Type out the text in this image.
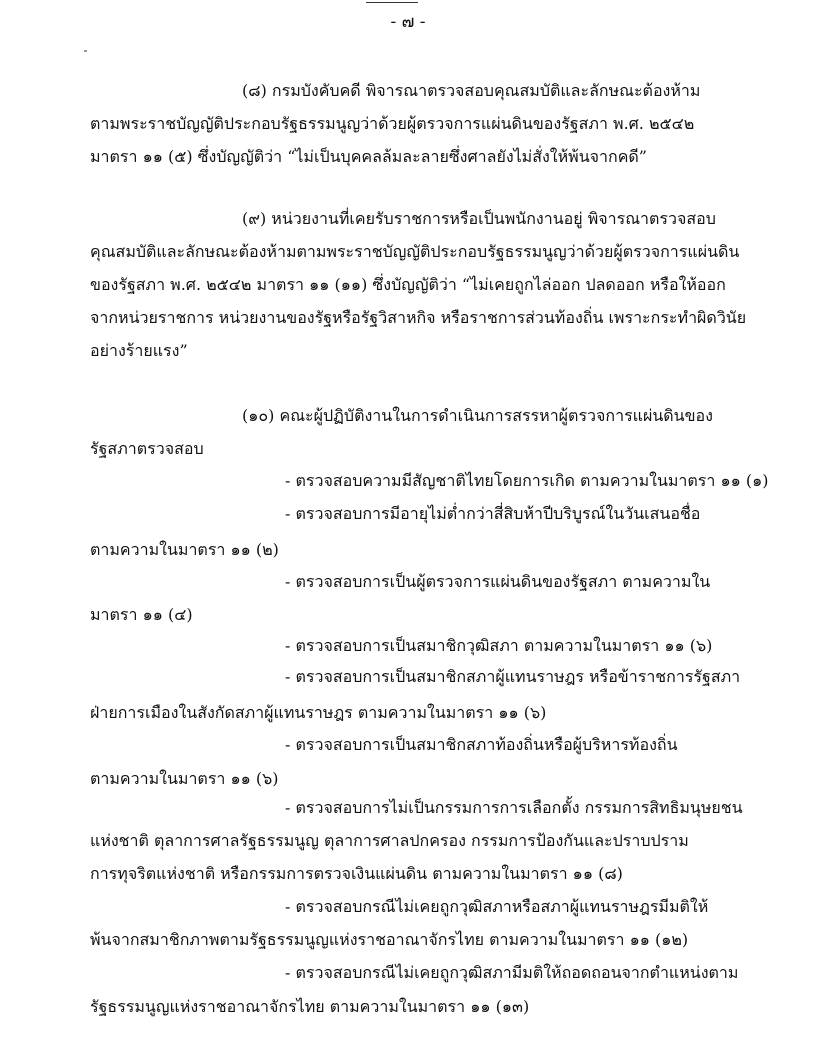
- ๗ -

(๘) กรมบังคับคดี พิจารณาตรวจสอบคุณสมบัติและลักษณะต้องห้าม

ตามพระราชบัญญัติประกอบรัฐธรรมนูญว่าด้วยผู้ตรวจการแผ่นดินของรัฐสภา พ.ศ. ๒๕๔๒

มาตรา ๑๑ (๕) ซึ่งบัญญัติว่า “ไม่เป็นบุคคลล้มละลายซึ่งศาลยังไม่สั่งให้พ้นจากคดี”

(๙) หน่วยงานที่เคยรับราชการหรือเป็นพนักงานอยู่ พิจารณาตรวจสอบ

คุณสมบัติและลักษณะต้องห้ามตามพระราชบัญญัติประกอบรัฐธรรมนูญว่าด้วยผู้ตรวจการแผ่นดิน

ของรัฐสภา พ.ศ. ๒๕๔๒ มาตรา ๑๑ (๑๑) ซึ่งบัญญัติว่า “ไม่เคยถูกไล่ออก ปลดออก หรือให้ออก

จากหน่วยราชการ หน่วยงานของรัฐหรือรัฐวิสาหกิจ หรือราชการส่วนท้องถิ่น เพราะกระทำผิดวินัย

อย่างร้ายแรง”

(๑๐) คณะผู้ปฏิบัติงานในการดำเนินการสรรหาผู้ตรวจการแผ่นดินของ

รัฐสภาตรวจสอบ

- ตรวจสอบความมีสัญชาติไทยโดยการเกิด ตามความในมาตรา ๑๑ (๑)

- ตรวจสอบการมีอายุไม่ต่ำกว่าสี่สิบห้าปีบริบูรณ์ในวันเสนอชื่อ

ตามความในมาตรา ๑๑ (๒)

- ตรวจสอบการเป็นผู้ตรวจการแผ่นดินของรัฐสภา ตามความใน

มาตรา ๑๑ (๔)

- ตรวจสอบการเป็นสมาชิกวุฒิสภา ตามความในมาตรา ๑๑ (๖)

- ตรวจสอบการเป็นสมาชิกสภาผู้แทนราษฎร หรือข้าราชการรัฐสภา

ฝ่ายการเมืองในสังกัดสภาผู้แทนราษฎร ตามความในมาตรา ๑๑ (๖)

- ตรวจสอบการเป็นสมาชิกสภาท้องถิ่นหรือผู้บริหารท้องถิ่น

ตามความในมาตรา ๑๑ (๖)

- ตรวจสอบการไม่เป็นกรรมการการเลือกตั้ง กรรมการสิทธิมนุษยชน

แห่งชาติ ตุลาการศาลรัฐธรรมนูญ ตุลาการศาลปกครอง กรรมการป้องกันและปราบปราม

การทุจริตแห่งชาติ หรือกรรมการตรวจเงินแผ่นดิน ตามความในมาตรา ๑๑ (๘)

- ตรวจสอบกรณีไม่เคยถูกวุฒิสภาหรือสภาผู้แทนราษฎรมีมติให้

พ้นจากสมาชิกภาพตามรัฐธรรมนูญแห่งราชอาณาจักรไทย ตามความในมาตรา ๑๑ (๑๒)

- ตรวจสอบกรณีไม่เคยถูกวุฒิสภามีมติให้ถอดถอนจากตำแหน่งตาม

รัฐธรรมนูญแห่งราชอาณาจักรไทย ตามความในมาตรา ๑๑ (๑๓)
